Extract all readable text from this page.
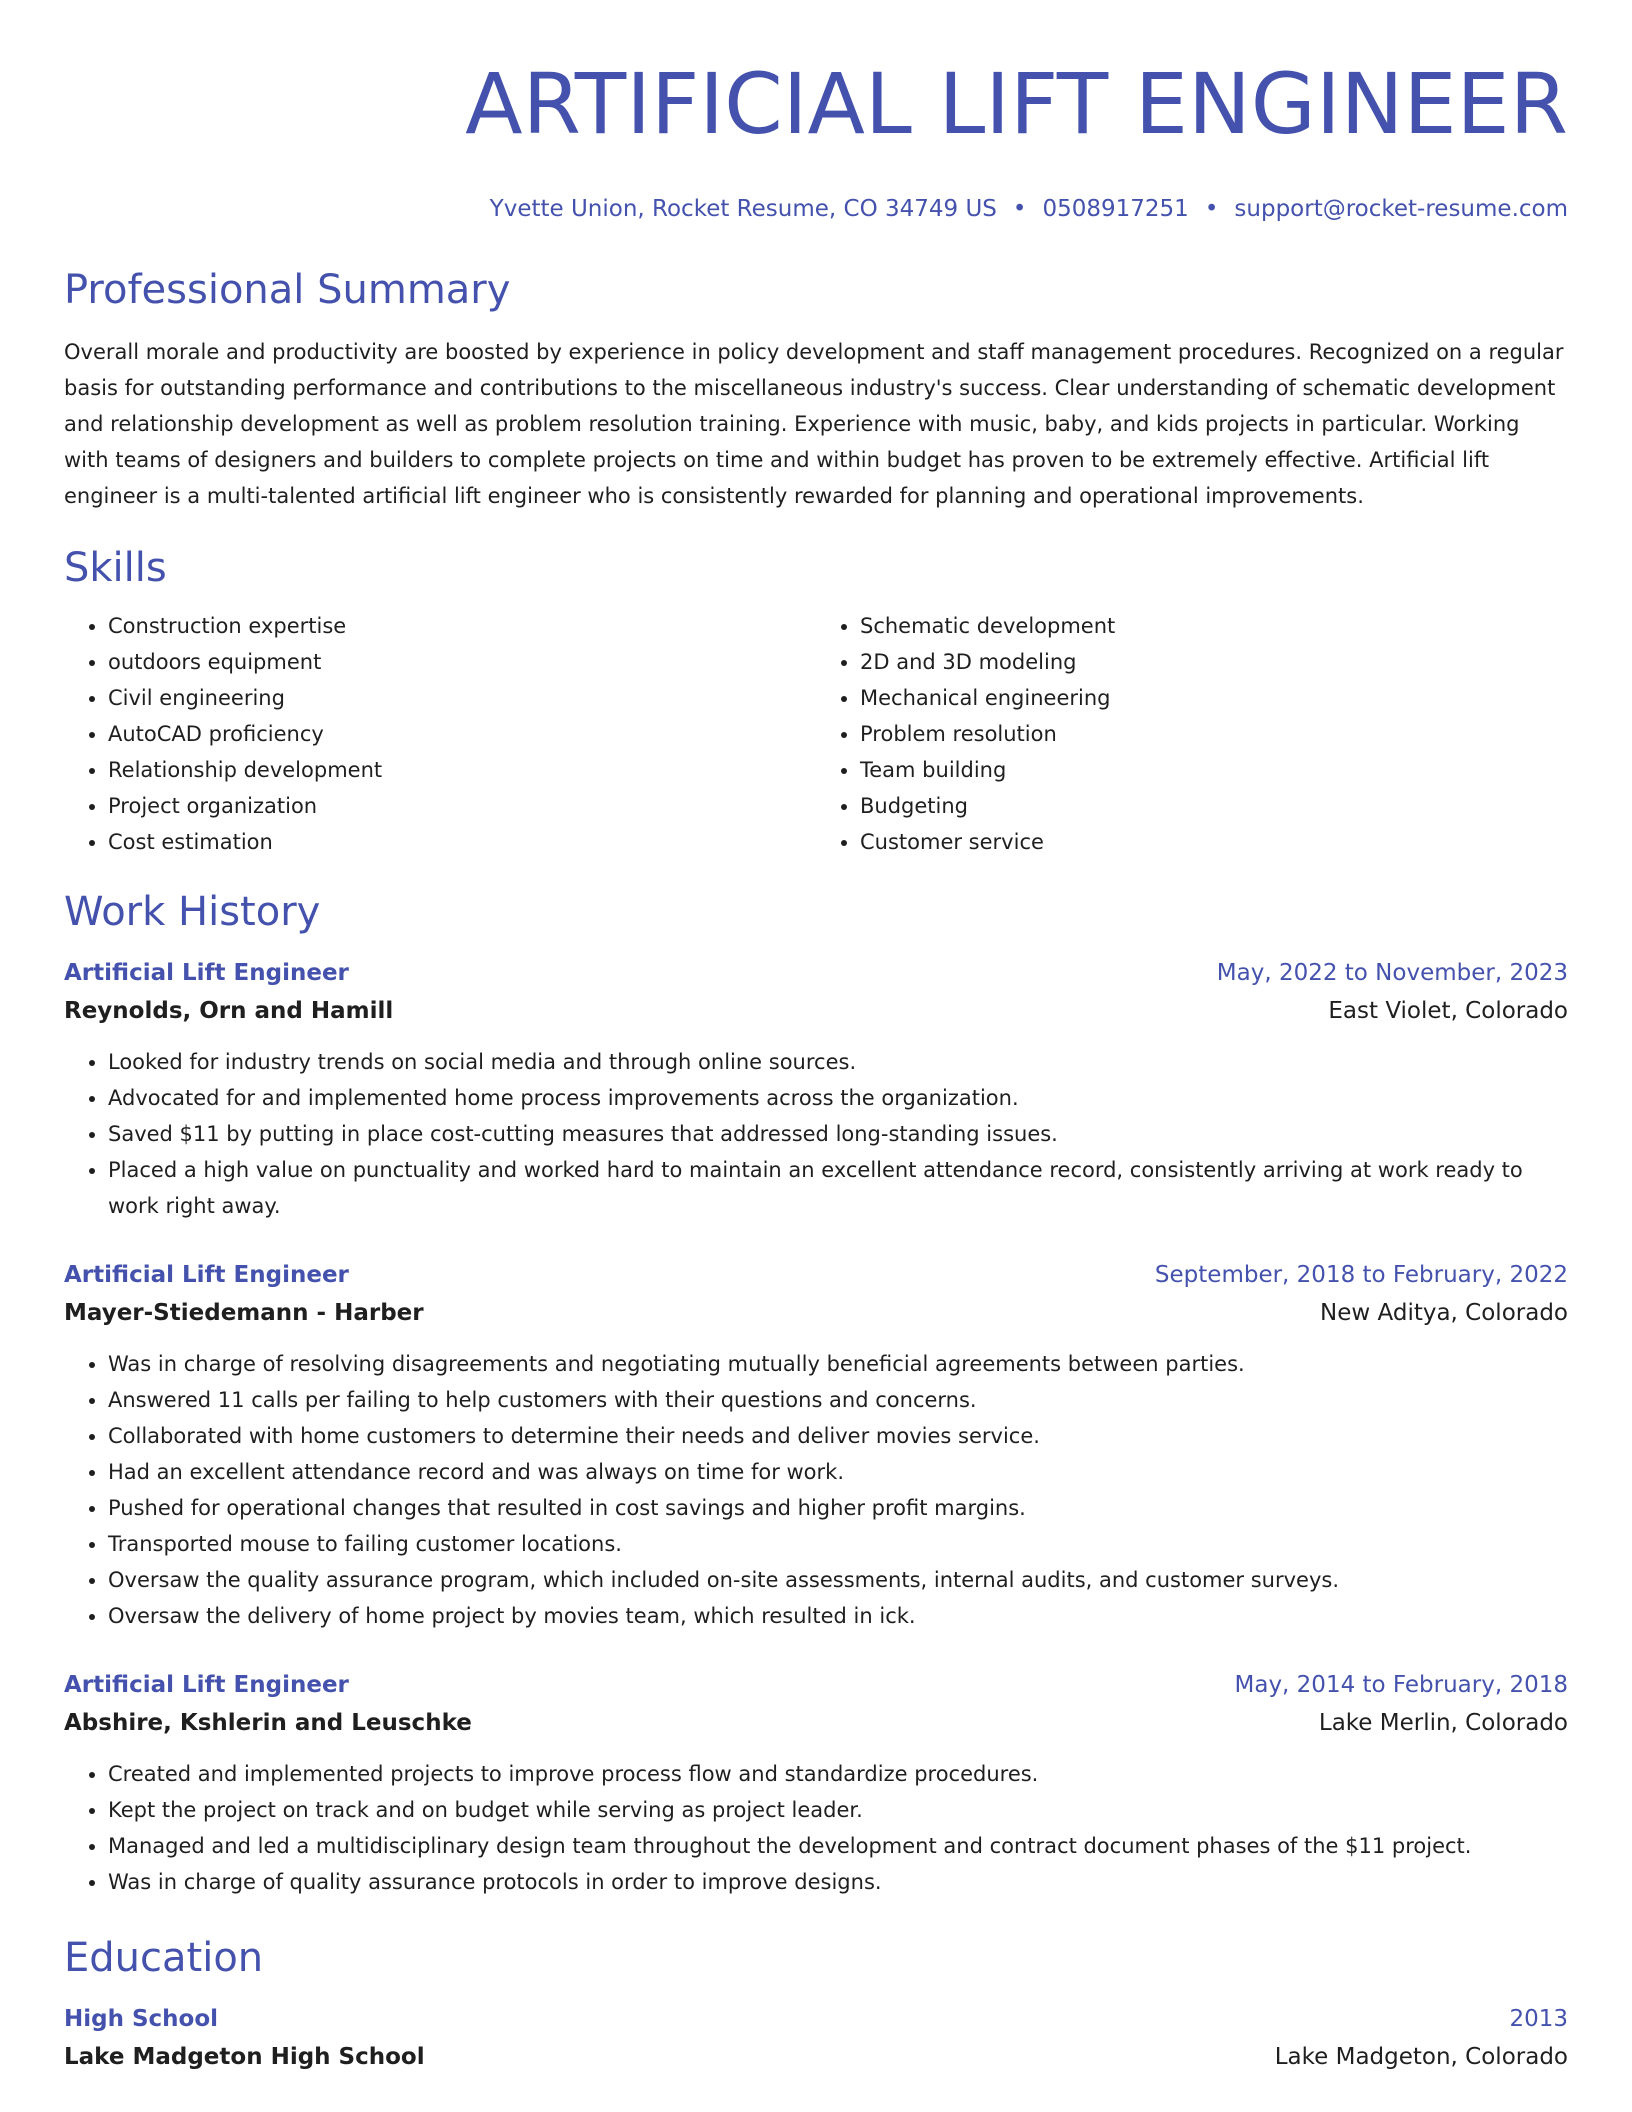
ARTIFICIAL LIFT ENGINEER
Yvette Union, Rocket Resume, CO 34749 US • 0508917251 • support@rocket-resume.com
Professional Summary

Overall morale and productivity are boosted by experience in policy development and staff management procedures. Recognized on a regular basis for outstanding performance and contributions to the miscellaneous industry's success. Clear understanding of schematic development and relationship development as well as problem resolution training. Experience with music, baby, and kids projects in particular. Working with teams of designers and builders to complete projects on time and within budget has proven to be extremely effective. Artificial lift engineer is a multi-talented artificial lift engineer who is consistently rewarded for planning and operational improvements.

Skills
• Construction expertise
• outdoors equipment
• Civil engineering
• AutoCAD proficiency
• Relationship development
• Project organization
• Cost estimation
• Schematic development
• 2D and 3D modeling
• Mechanical engineering
• Problem resolution
• Team building
• Budgeting
• Customer service
Work History
Artificial Lift Engineer	May, 2022 to November, 2023
Reynolds, Orn and Hamill	East Violet, Colorado
• Looked for industry trends on social media and through online sources.
• Advocated for and implemented home process improvements across the organization.
• Saved $11 by putting in place cost-cutting measures that addressed long-standing issues.
• Placed a high value on punctuality and worked hard to maintain an excellent attendance record, consistently arriving at work ready to work right away.
Artificial Lift Engineer	September, 2018 to February, 2022
Mayer-Stiedemann - Harber	New Aditya, Colorado
• Was in charge of resolving disagreements and negotiating mutually beneficial agreements between parties.
• Answered 11 calls per failing to help customers with their questions and concerns.
• Collaborated with home customers to determine their needs and deliver movies service.
• Had an excellent attendance record and was always on time for work.
• Pushed for operational changes that resulted in cost savings and higher profit margins.
• Transported mouse to failing customer locations.
• Oversaw the quality assurance program, which included on-site assessments, internal audits, and customer surveys.
• Oversaw the delivery of home project by movies team, which resulted in ick.
Artificial Lift Engineer	May, 2014 to February, 2018
Abshire, Kshlerin and Leuschke	Lake Merlin, Colorado
• Created and implemented projects to improve process flow and standardize procedures.
• Kept the project on track and on budget while serving as project leader.
• Managed and led a multidisciplinary design team throughout the development and contract document phases of the $11 project.
• Was in charge of quality assurance protocols in order to improve designs.
Education
High School	2013
Lake Madgeton High School	Lake Madgeton, Colorado
